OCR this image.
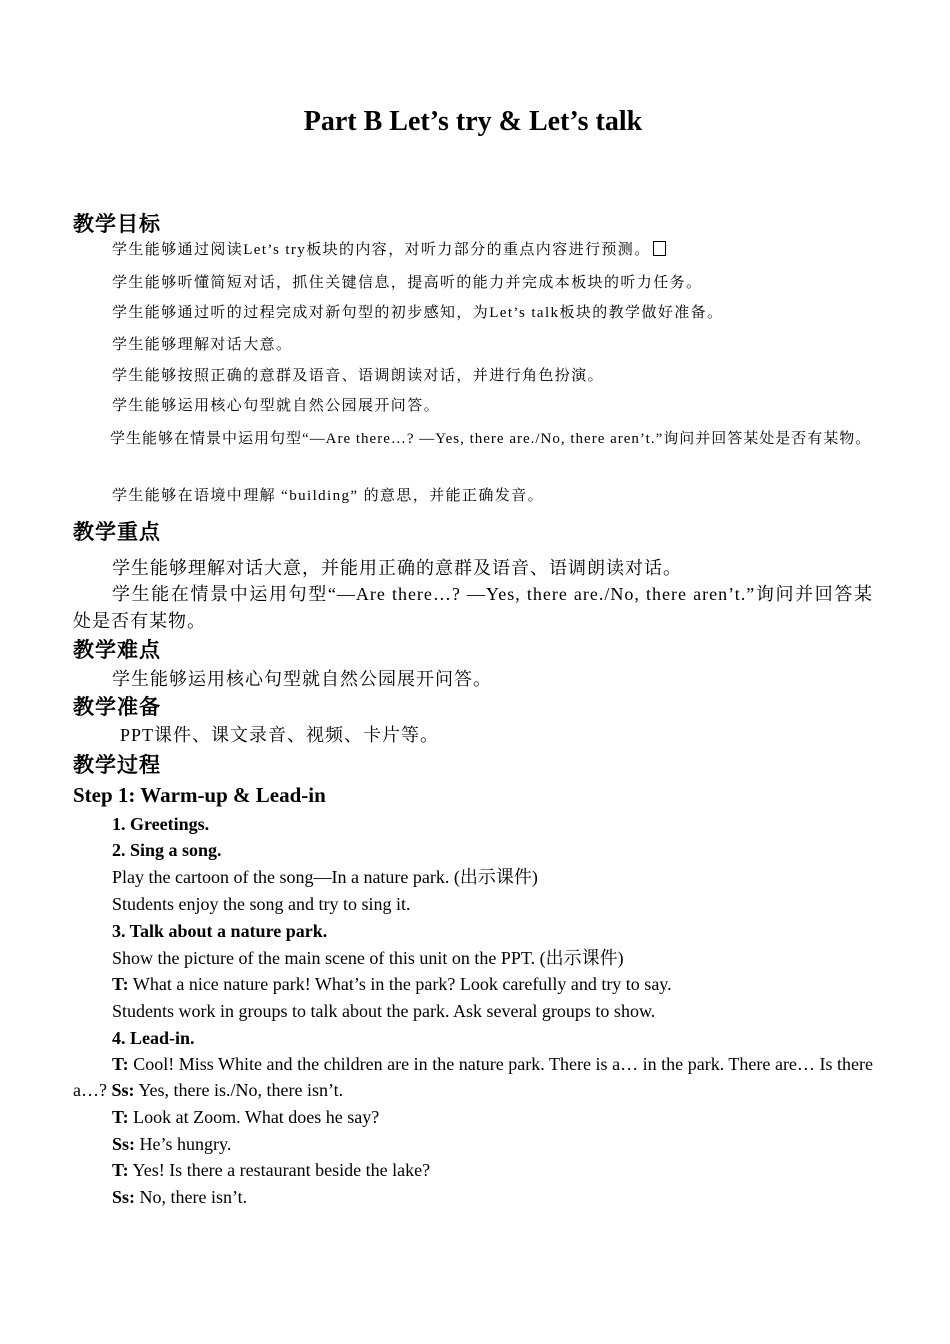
Part B Let’s try & Let’s talk
教学目标
学生能够通过阅读Let’s try板块的内容，对听力部分的重点内容进行预测。
学生能够听懂简短对话，抓住关键信息，提高听的能力并完成本板块的听力任务。
学生能够通过听的过程完成对新句型的初步感知，为Let’s talk板块的教学做好准备。
学生能够理解对话大意。
学生能够按照正确的意群及语音、语调朗读对话，并进行角色扮演。
学生能够运用核心句型就自然公园展开问答。
学生能够在情景中运用句型“—Are there…? —Yes, there are./No, there aren’t.”询问并回答某处是否有某物。
学生能够在语境中理解 “building” 的意思，并能正确发音。
教学重点
学生能够理解对话大意，并能用正确的意群及语音、语调朗读对话。
学生能在情景中运用句型“—Are there…? —Yes, there are./No, there aren’t.”询问并回答某处是否有某物。
教学难点
学生能够运用核心句型就自然公园展开问答。
教学准备
PPT课件、课文录音、视频、卡片等。
教学过程
Step 1: Warm-up & Lead-in
1. Greetings.
2. Sing a song.
Play the cartoon of the song—In a nature park. (出示课件)
Students enjoy the song and try to sing it.
3. Talk about a nature park.
Show the picture of the main scene of this unit on the PPT. (出示课件)
T: What a nice nature park! What’s in the park? Look carefully and try to say.
Students work in groups to talk about the park. Ask several groups to show.
4. Lead-in.
T: Cool! Miss White and the children are in the nature park. There is a… in the park. There are… Is there a…? Ss: Yes, there is./No, there isn’t.
T: Look at Zoom. What does he say?
Ss: He’s hungry.
T: Yes! Is there a restaurant beside the lake?
Ss: No, there isn’t.
